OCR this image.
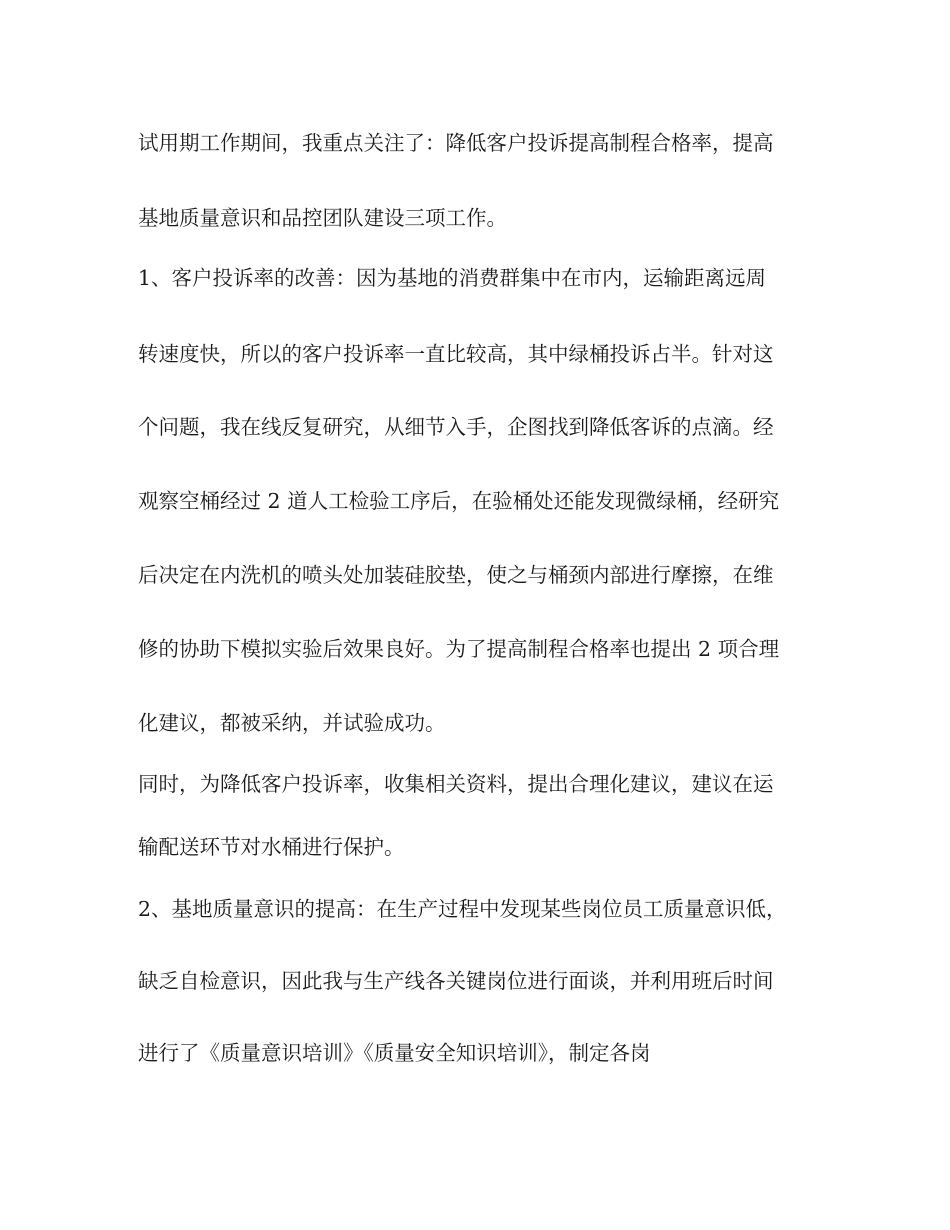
试用期工作期间，我重点关注了：降低客户投诉提高制程合格率，提高
基地质量意识和品控团队建设三项工作。
1、客户投诉率的改善：因为基地的消费群集中在市内，运输距离远周
转速度快，所以的客户投诉率一直比较高，其中绿桶投诉占半。针对这
个问题，我在线反复研究，从细节入手，企图找到降低客诉的点滴。经
观察空桶经过 2 道人工检验工序后，在验桶处还能发现微绿桶，经研究
后决定在内洗机的喷头处加装硅胶垫，使之与桶颈内部进行摩擦，在维
修的协助下模拟实验后效果良好。为了提高制程合格率也提出 2 项合理
化建议，都被采纳，并试验成功。
同时，为降低客户投诉率，收集相关资料，提出合理化建议，建议在运
输配送环节对水桶进行保护。
2、基地质量意识的提高：在生产过程中发现某些岗位员工质量意识低，
缺乏自检意识，因此我与生产线各关键岗位进行面谈，并利用班后时间
进行了《质量意识培训》《质量安全知识培训》，制定各岗
